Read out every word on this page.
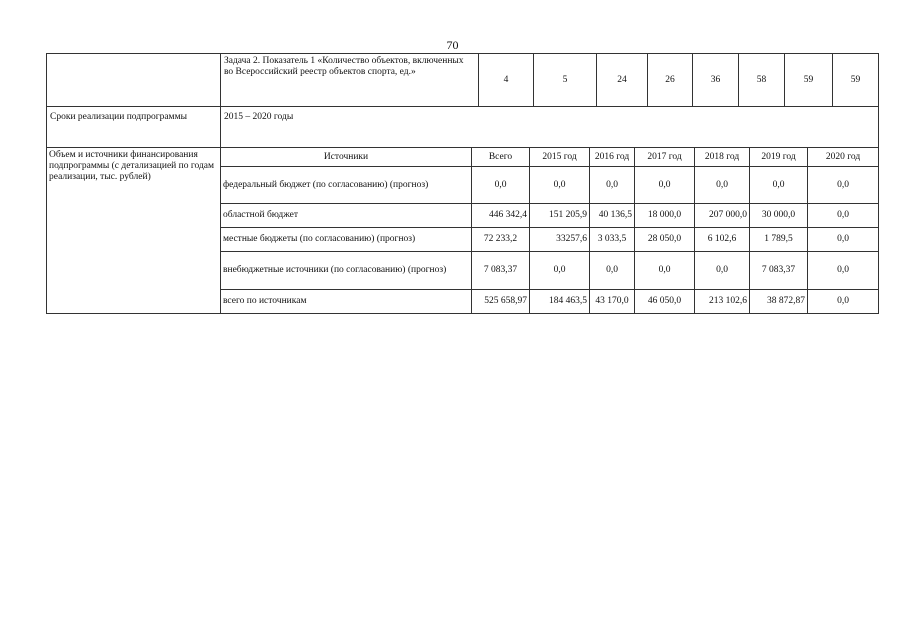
70
	Задача 2. Показатель 1 «Количество объектов, включенных во Всероссийский реестр объектов спорта, ед.»	4	5	24	26	36	58	59	59
Сроки реализации подпрограммы	2015 – 2020 годы
Объем и источники финансирования подпрограммы (с детализацией по годам реализации, тыс. рублей)	Источники	Всего	2015 год	2016 год	2017 год	2018 год	2019 год	2020 год
	федеральный бюджет (по согласованию) (прогноз)	0,0	0,0	0,0	0,0	0,0	0,0	0,0
	областной бюджет	446 342,4	151 205,9	40 136,5	18 000,0	207 000,0	30 000,0	0,0
	местные бюджеты (по согласованию) (прогноз)	72 233,2	33257,6	3 033,5	28 050,0	6 102,6	1 789,5	0,0
	внебюджетные источники (по согласованию) (прогноз)	7 083,37	0,0	0,0	0,0	0,0	7 083,37	0,0
	всего по источникам	525 658,97	184 463,5	43 170,0	46 050,0	213 102,6	38 872,87	0,0
